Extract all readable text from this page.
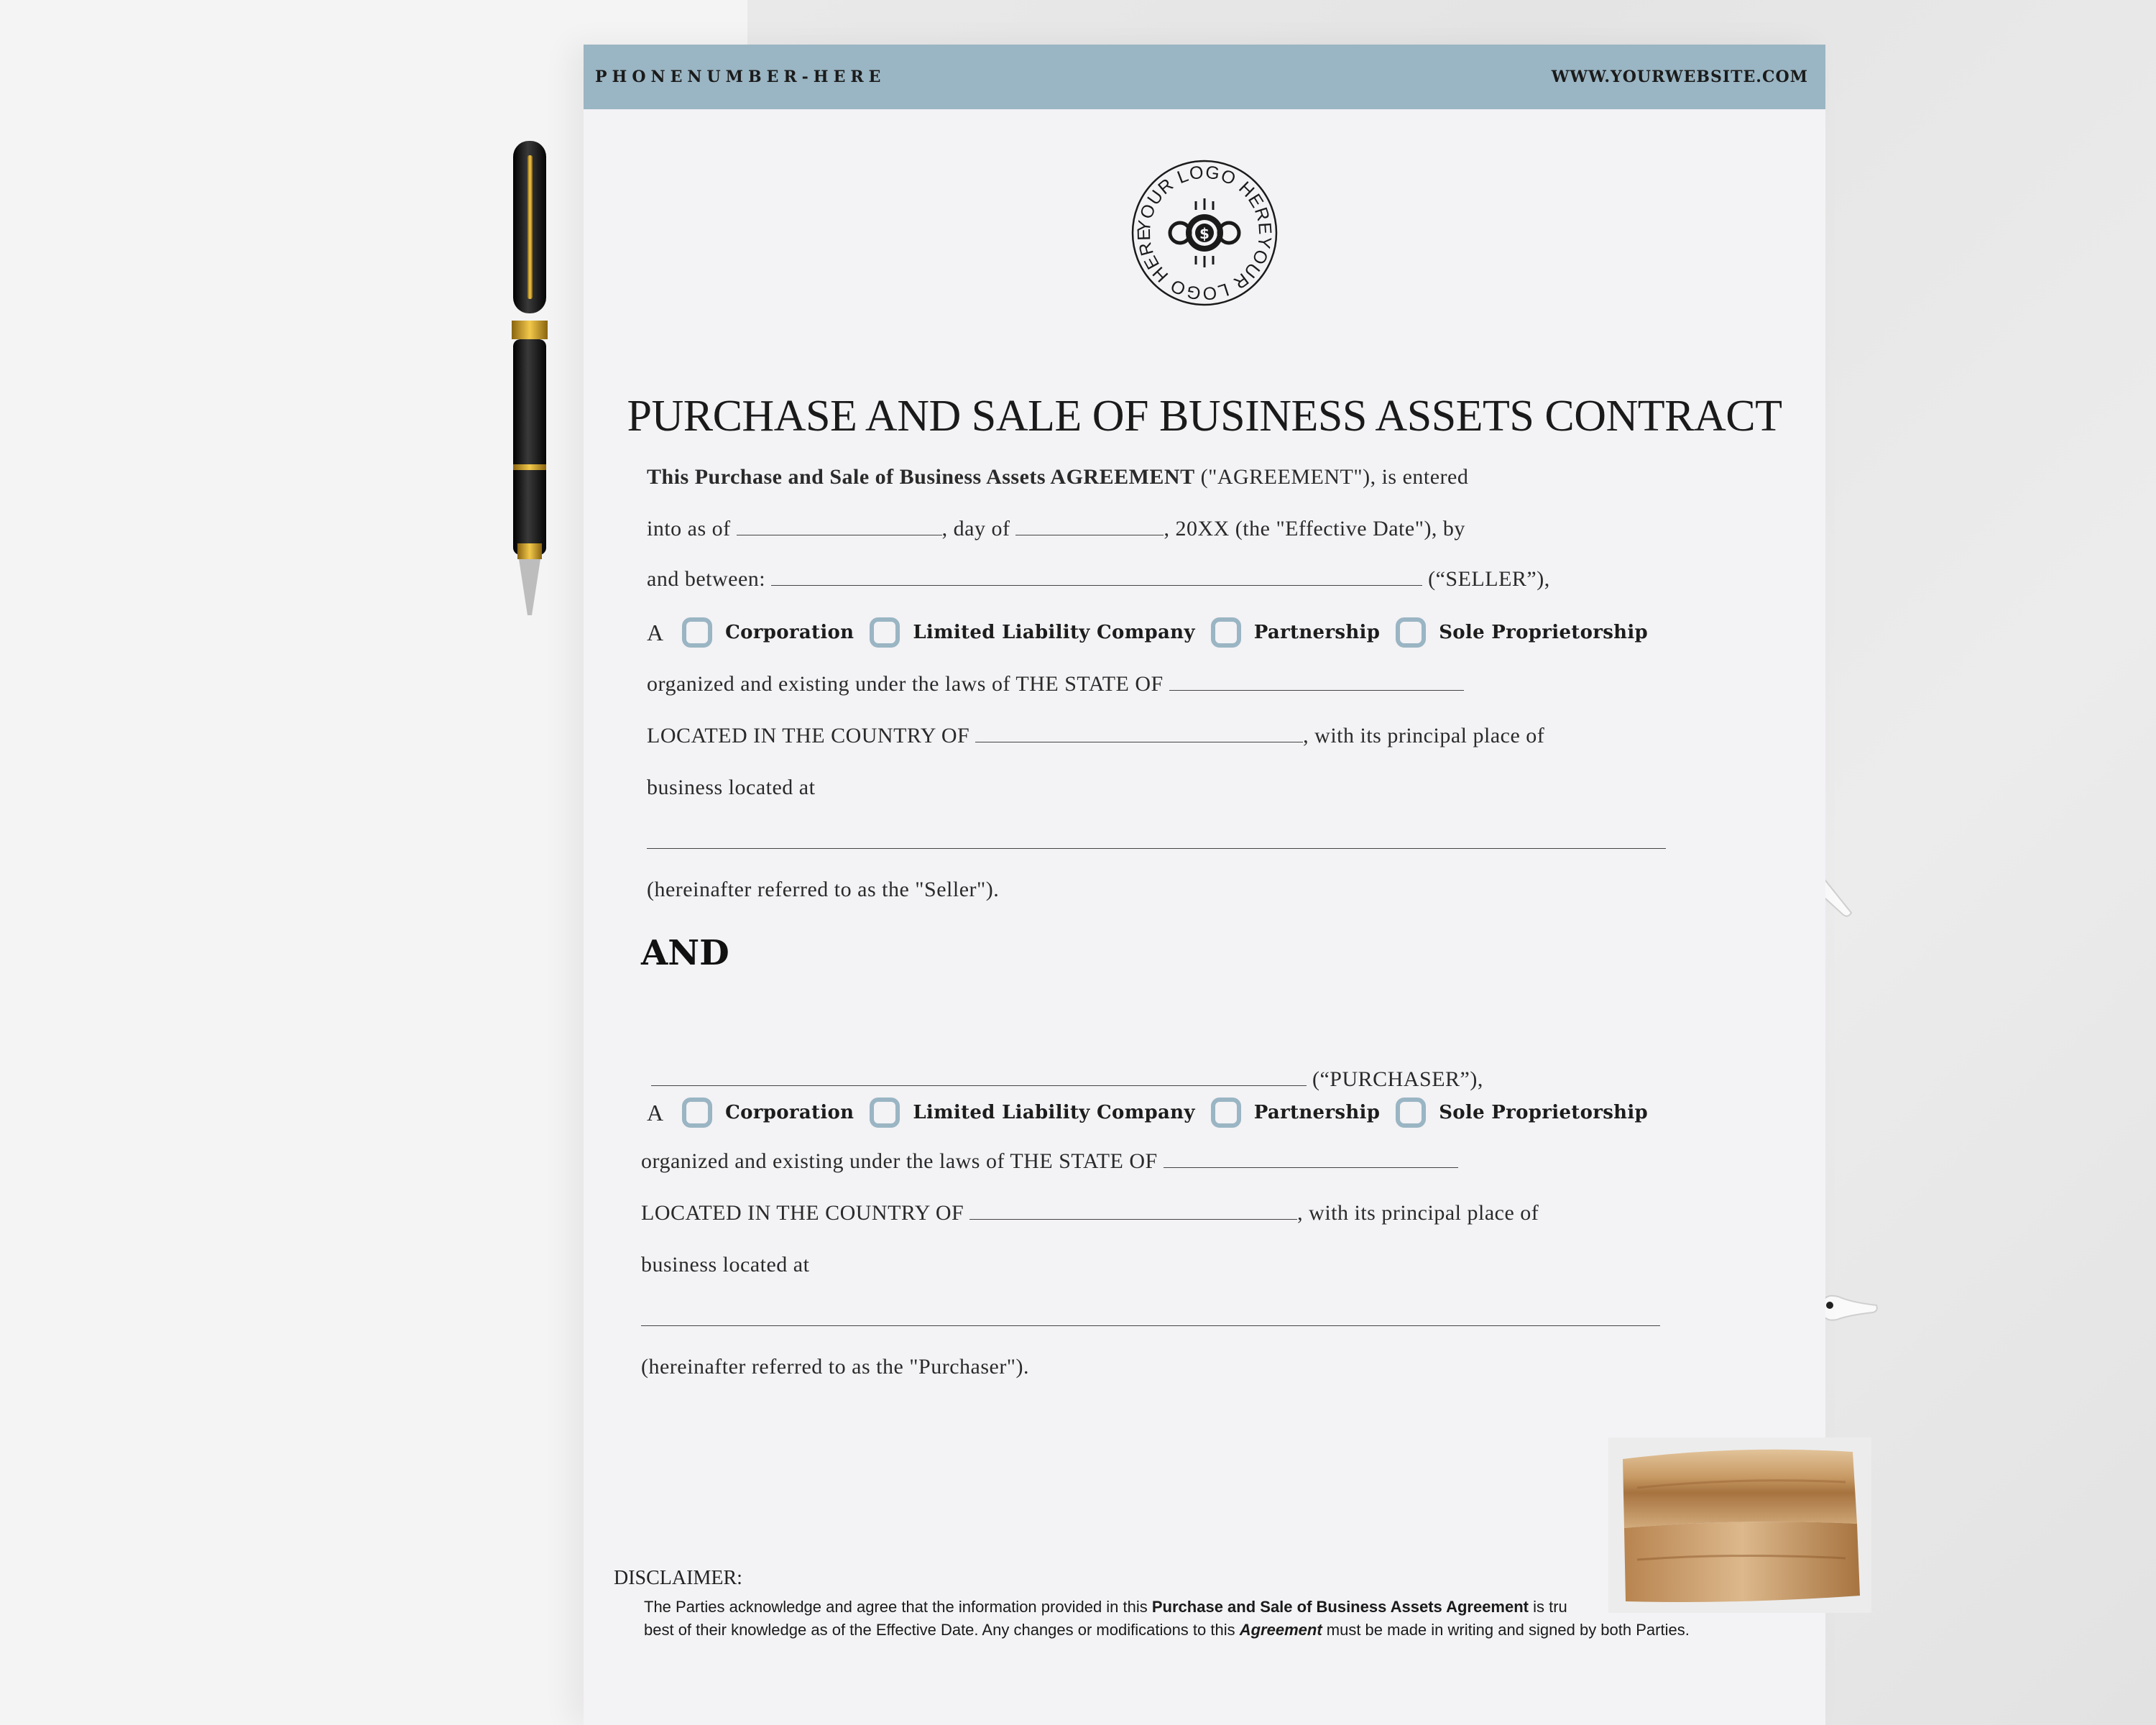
PHONENUMBER-HERE	WWW.YOURWEBSITE.COM
YOUR LOGO HEREYOUR LOGO HERE	$
PURCHASE AND SALE OF BUSINESS ASSETS CONTRACT
This Purchase and Sale of Business Assets AGREEMENT ("AGREEMENT"), is entered
into as of	, day of	, 20XX (the "Effective Date"), by
and between:	(“SELLER”),
A	Corporation	Limited Liability Company	Partnership	Sole Proprietorship
organized and existing under the laws of THE STATE OF
LOCATED IN THE COUNTRY OF	, with its principal place of
business located at
(hereinafter referred to as the "Seller").
AND
(“PURCHASER”),
A	Corporation	Limited Liability Company	Partnership	Sole Proprietorship
organized and existing under the laws of THE STATE OF
LOCATED IN THE COUNTRY OF	, with its principal place of
business located at
(hereinafter referred to as the "Purchaser").
DISCLAIMER:
The Parties acknowledge and agree that the information provided in this Purchase and Sale of Business Assets Agreement is tru
best of their knowledge as of the Effective Date. Any changes or modifications to this Agreement must be made in writing and signed by both Parties.
